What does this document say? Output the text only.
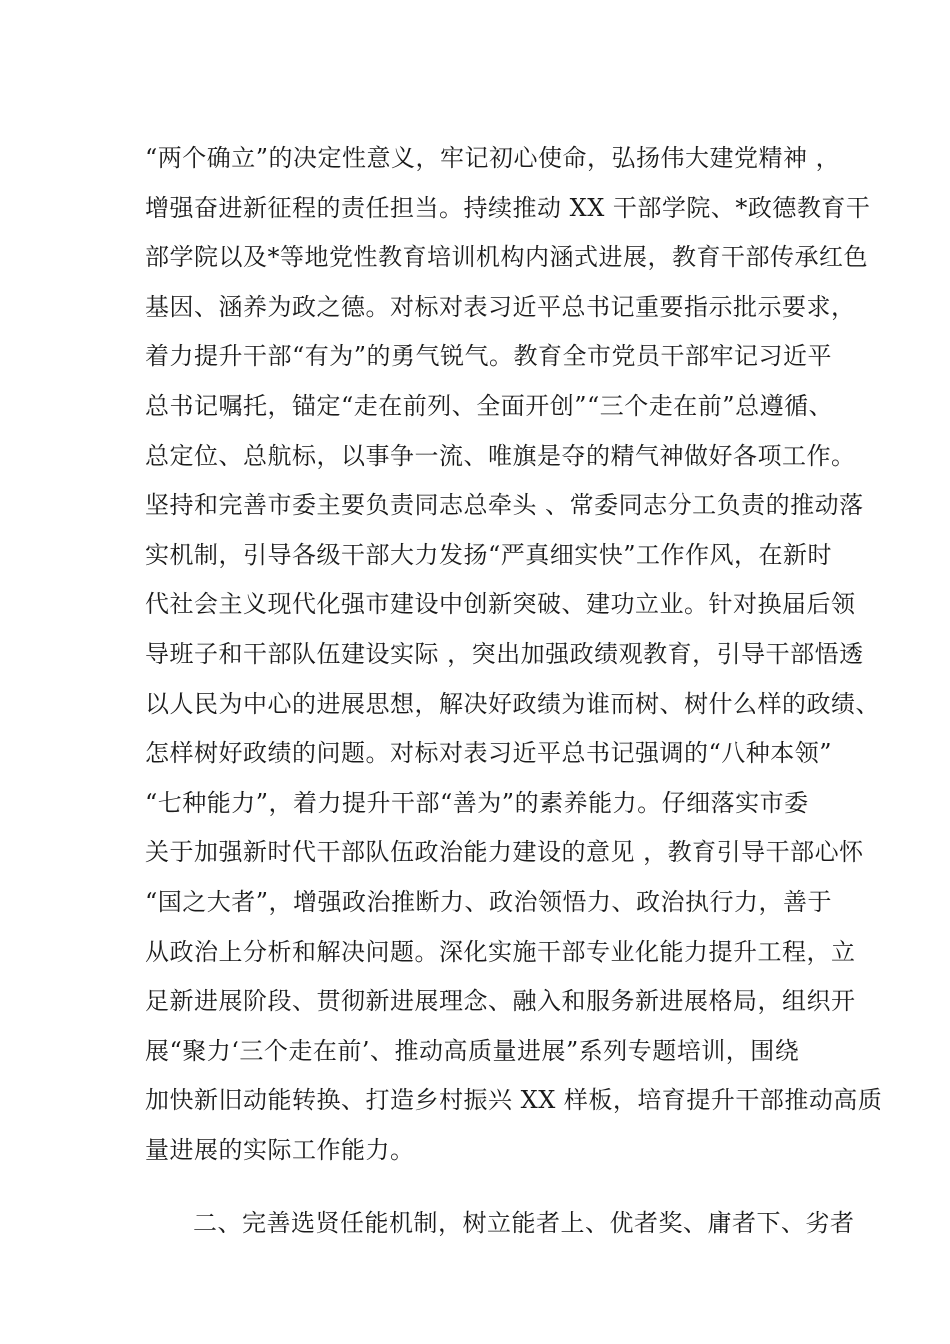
“两个确立”的决定性意义，牢记初心使命，弘扬伟大建党精神 ，
增强奋进新征程的责任担当。持续推动 XX 干部学院、*政德教育干
部学院以及*等地党性教育培训机构内涵式进展，教育干部传承红色
基因、涵养为政之德。对标对表习近平总书记重要指示批示要求，
着力提升干部“有为”的勇气锐气。教育全市党员干部牢记习近平
总书记嘱托，锚定“走在前列、全面开创”“三个走在前”总遵循、
总定位、总航标，以事争一流、唯旗是夺的精气神做好各项工作。
坚持和完善市委主要负责同志总牵头 、常委同志分工负责的推动落
实机制，引导各级干部大力发扬“严真细实快”工作作风，在新时
代社会主义现代化强市建设中创新突破、建功立业。针对换届后领
导班子和干部队伍建设实际 ，突出加强政绩观教育，引导干部悟透
以人民为中心的进展思想，解决好政绩为谁而树、树什么样的政绩、
怎样树好政绩的问题。对标对表习近平总书记强调的“八种本领”
“七种能力”，着力提升干部“善为”的素养能力。仔细落实市委
关于加强新时代干部队伍政治能力建设的意见 ，教育引导干部心怀
“国之大者”，增强政治推断力、政治领悟力、政治执行力，善于
从政治上分析和解决问题。深化实施干部专业化能力提升工程，立
足新进展阶段、贯彻新进展理念、融入和服务新进展格局，组织开
展“聚力‘三个走在前’、推动高质量进展”系列专题培训，围绕
加快新旧动能转换、打造乡村振兴 XX 样板，培育提升干部推动高质
量进展的实际工作能力。
二、完善选贤任能机制，树立能者上、优者奖、庸者下、劣者
